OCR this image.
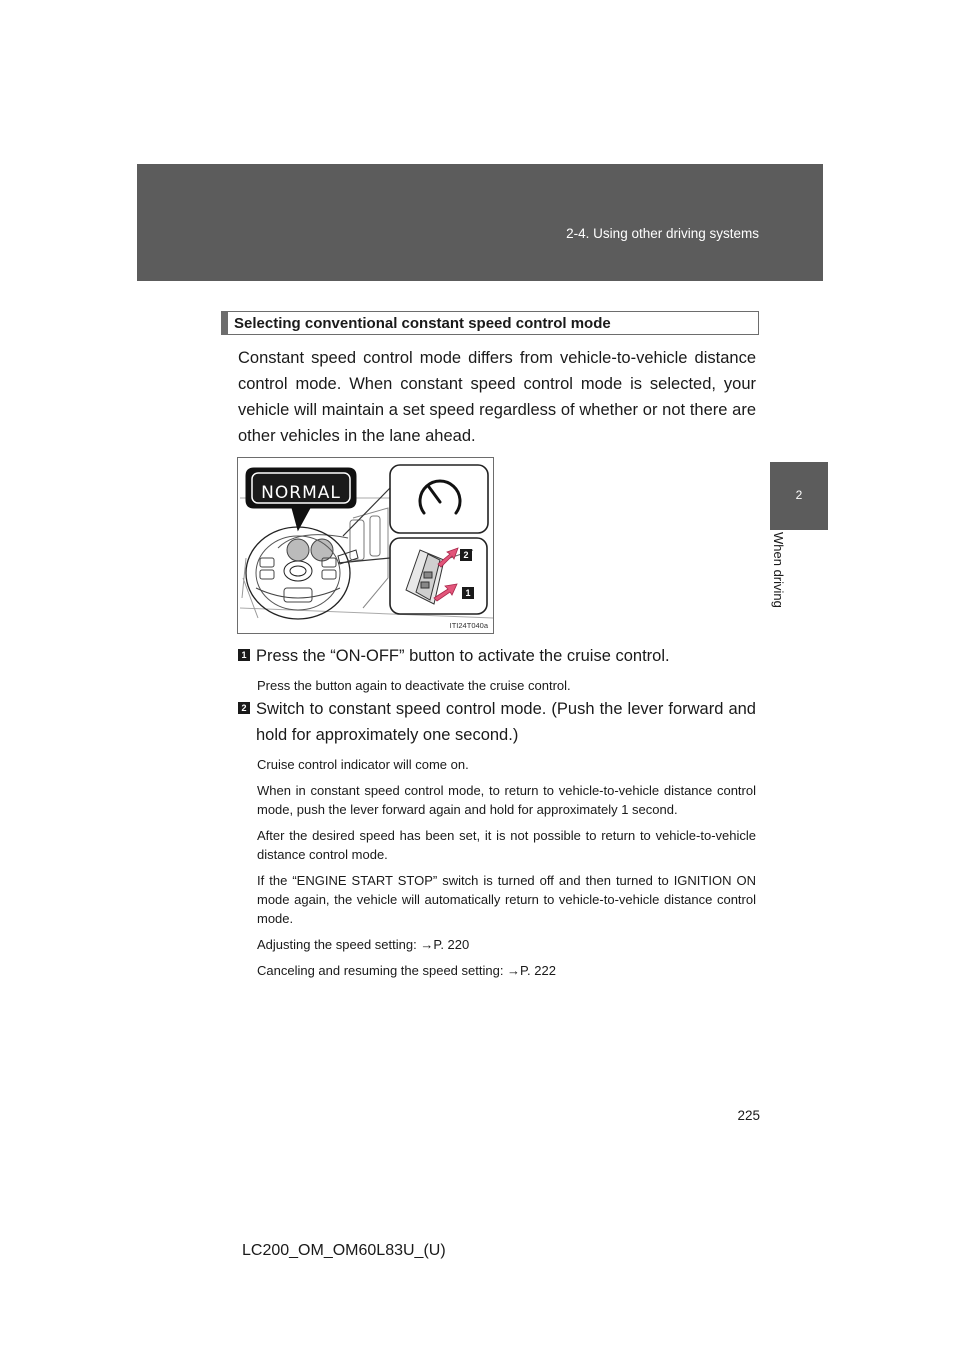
2-4. Using other driving systems
2
When driving
Selecting conventional constant speed control mode
Constant speed control mode differs from vehicle-to-vehicle distance control mode. When constant speed control mode is selected, your vehicle will maintain a set speed regardless of whether or not there are other vehicles in the lane ahead.
NORMAL
2
1
ITI24T040a
1 Press the “ON-OFF” button to activate the cruise control.
Press the button again to deactivate the cruise control.
2 Switch to constant speed control mode. (Push the lever forward and hold for approximately one second.)
Cruise control indicator will come on.
When in constant speed control mode, to return to vehicle-to-vehicle distance control mode, push the lever forward again and hold for approximately 1 second.
After the desired speed has been set, it is not possible to return to vehicle-to-vehicle distance control mode.
If the “ENGINE START STOP” switch is turned off and then turned to IGNITION ON mode again, the vehicle will automatically return to vehicle-to-vehicle distance control mode.
Adjusting the speed setting: →P. 220
Canceling and resuming the speed setting: →P. 222
225
LC200_OM_OM60L83U_(U)
